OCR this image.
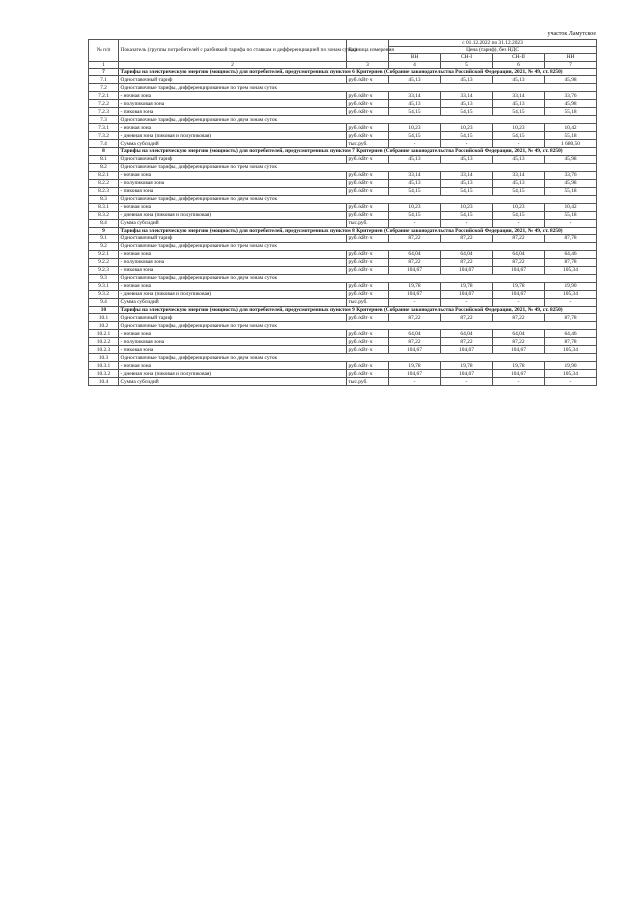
участок Ламутское
№ п/п	Показатель (группы потребителей с разбивкой тарифа по ставкам и дифференциацией по зонам суток)	Единица измерения	с 01.12.2022 по 31.12.2023			
			Цена (тариф), без НДС			
			ВН	СН-I	СН-II	НН
1	2	3	4	5	6	7
7	Тарифы на электрическую энергию (мощность) для потребителей, предусмотренных пунктом 6 Критериев (Собрание законодательства Российской Федерации, 2021, № 49, ст. 8250)					
7.1	Одноставочный тариф	руб./кВт·ч	45,13	45,13	45,13	45,98
7.2	Одноставочные тарифы, дифференцированные по трем зонам суток					
7.2.1	- ночная зона	руб./кВт·ч	33,14	33,14	33,14	33,76
7.2.2	- полупиковая зона	руб./кВт·ч	45,13	45,13	45,13	45,98
7.2.3	- пиковая зона	руб./кВт·ч	54,15	54,15	54,15	55,18
7.3	Одноставочные тарифы, дифференцированные по двум зонам суток					
7.3.1	- ночная зона	руб./кВт·ч	10,23	10,23	10,23	10,42
7.3.2	- дневная зона (пиковая и полупиковая)	руб./кВт·ч	54,15	54,15	54,15	55,18
7.4	Сумма субсидий	тыс.руб.	-	-	-	1 680,50
8	Тарифы на электрическую энергию (мощность) для потребителей, предусмотренных пунктом 7 Критериев (Собрание законодательства Российской Федерации, 2021, № 49, ст. 8250)					
8.1	Одноставочный тариф	руб./кВт·ч	45,13	45,13	45,13	45,98
8.2	Одноставочные тарифы, дифференцированные по трем зонам суток					
8.2.1	- ночная зона	руб./кВт·ч	33,14	33,14	33,14	33,76
8.2.2	- полупиковая зона	руб./кВт·ч	45,13	45,13	45,13	45,98
8.2.3	- пиковая зона	руб./кВт·ч	54,15	54,15	54,15	55,18
8.3	Одноставочные тарифы, дифференцированные по двум зонам суток					
8.3.1	- ночная зона	руб./кВт·ч	10,23	10,23	10,23	10,42
8.3.2	- дневная зона (пиковая и полупиковая)	руб./кВт·ч	54,15	54,15	54,15	55,18
8.4	Сумма субсидий	тыс.руб.	-	-	-	-
9	Тарифы на электрическую энергию (мощность) для потребителей, предусмотренных пунктом 8 Критериев (Собрание законодательства Российской Федерации, 2021, № 49, ст. 8250)					
9.1	Одноставочный тариф	руб./кВт·ч	87,22	87,22	87,22	87,78
9.2	Одноставочные тарифы, дифференцированные по трем зонам суток					
9.2.1	- ночная зона	руб./кВт·ч	64,04	64,04	64,04	64,46
9.2.2	- полупиковая зона	руб./кВт·ч	87,22	87,22	87,22	87,78
9.2.3	- пиковая зона	руб./кВт·ч	104,67	104,67	104,67	105,34
9.3	Одноставочные тарифы, дифференцированные по двум зонам суток					
9.3.1	- ночная зона	руб./кВт·ч	19,78	19,78	19,78	19,90
9.3.2	- дневная зона (пиковая и полупиковая)	руб./кВт·ч	104,67	104,67	104,67	105,34
9.4	Сумма субсидий	тыс.руб.	-	-	-	-
10	Тарифы на электрическую энергию (мощность) для потребителей, предусмотренных пунктом 9 Критериев (Собрание законодательства Российской Федерации, 2021, № 49, ст. 8250)					
10.1	Одноставочный тариф	руб./кВт·ч	87,22	87,22	87,22	87,78
10.2	Одноставочные тарифы, дифференцированные по трем зонам суток					
10.2.1	- ночная зона	руб./кВт·ч	64,04	64,04	64,04	64,46
10.2.2	- полупиковая зона	руб./кВт·ч	87,22	87,22	87,22	87,78
10.2.3	- пиковая зона	руб./кВт·ч	104,67	104,67	104,67	105,34
10.3	Одноставочные тарифы, дифференцированные по двум зонам суток					
10.3.1	- ночная зона	руб./кВт·ч	19,78	19,78	19,78	19,90
10.3.2	- дневная зона (пиковая и полупиковая)	руб./кВт·ч	104,67	104,67	104,67	105,34
10.4	Сумма субсидий	тыс.руб.	-	-	-	-
